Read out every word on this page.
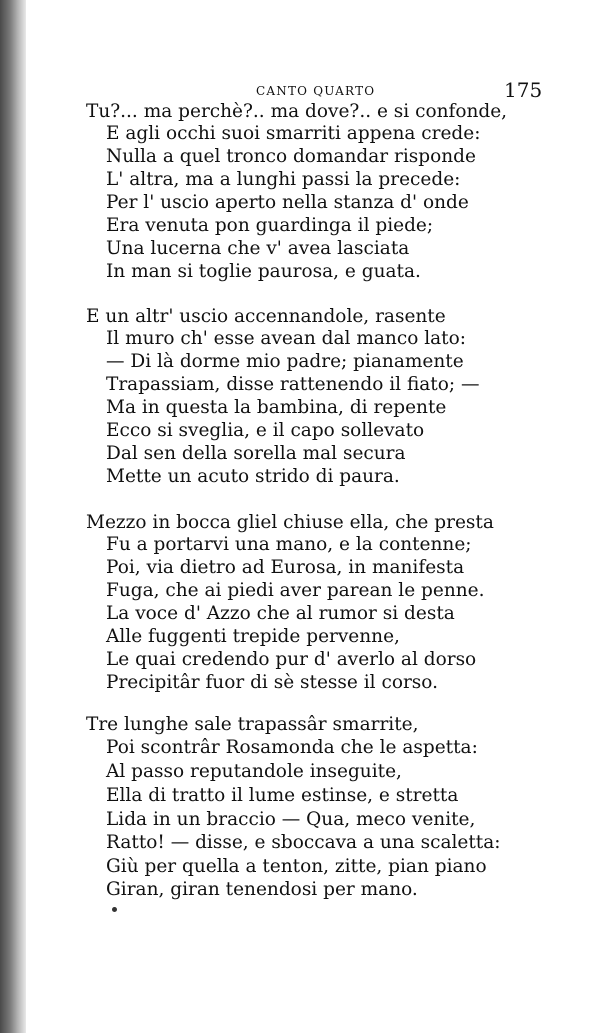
CANTO QUARTO	175
Tu?... ma perchè?.. ma dove?.. e si confonde,
E agli occhi suoi smarriti appena crede:
Nulla a quel tronco domandar risponde
L' altra, ma a lunghi passi la precede:
Per l' uscio aperto nella stanza d' onde
Era venuta pon guardinga il piede;
Una lucerna che v' avea lasciata
In man si toglie paurosa, e guata.
E un altr' uscio accennandole, rasente
Il muro ch' esse avean dal manco lato:
— Di là dorme mio padre; pianamente
Trapassiam, disse rattenendo il fiato; —
Ma in questa la bambina, di repente
Ecco si sveglia, e il capo sollevato
Dal sen della sorella mal secura
Mette un acuto strido di paura.
Mezzo in bocca gliel chiuse ella, che presta
Fu a portarvi una mano, e la contenne;
Poi, via dietro ad Eurosa, in manifesta
Fuga, che ai piedi aver parean le penne.
La voce d' Azzo che al rumor si desta
Alle fuggenti trepide pervenne,
Le quai credendo pur d' averlo al dorso
Precipitâr fuor di sè stesse il corso.
Tre lunghe sale trapassâr smarrite,
Poi scontrâr Rosamonda che le aspetta:
Al passo reputandole inseguite,
Ella di tratto il lume estinse, e stretta
Lida in un braccio — Qua, meco venite,
Ratto! — disse, e sboccava a una scaletta:
Giù per quella a tenton, zitte, pian piano
Giran, giran tenendosi per mano.
